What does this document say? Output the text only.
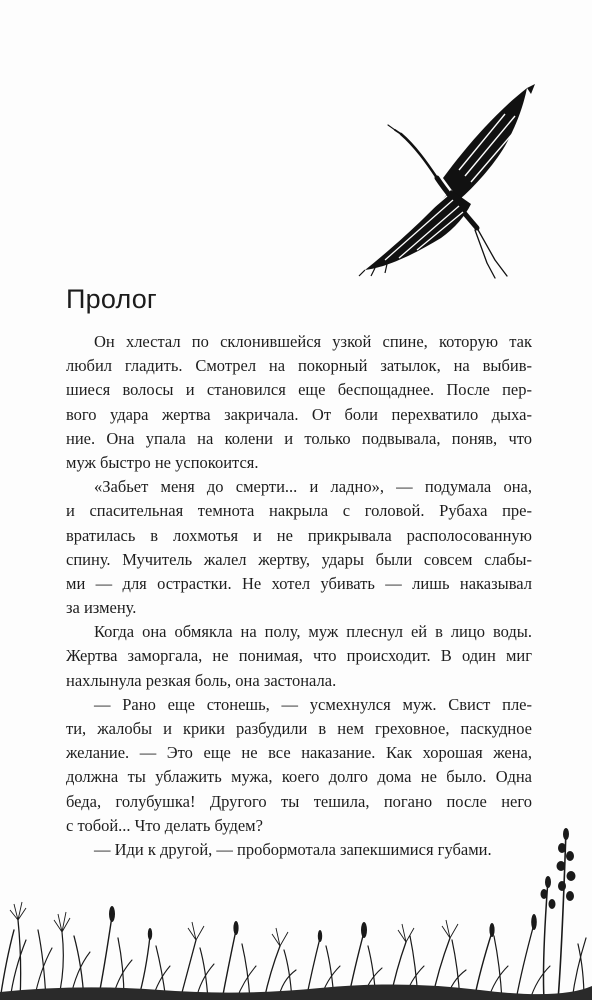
Пролог
Он хлестал по склонившейся узкой спине, которую так
любил гладить. Смотрел на покорный затылок, на выбив-
шиеся волосы и становился еще беспощаднее. После пер-
вого удара жертва закричала. От боли перехватило дыха-
ние. Она упала на колени и только подвывала, поняв, что
муж быстро не успокоится.
«Забьет меня до смерти... и ладно», — подумала она,
и спасительная темнота накрыла с головой. Рубаха пре-
вратилась в лохмотья и не прикрывала располосованную
спину. Мучитель жалел жертву, удары были совсем слабы-
ми — для острастки. Не хотел убивать — лишь наказывал
за измену.
Когда она обмякла на полу, муж плеснул ей в лицо воды.
Жертва заморгала, не понимая, что происходит. В один миг
нахлынула резкая боль, она застонала.
— Рано еще стонешь, — усмехнулся муж. Свист пле-
ти, жалобы и крики разбудили в нем греховное, паскудное
желание. — Это еще не все наказание. Как хорошая жена,
должна ты ублажить мужа, коего долго дома не было. Одна
беда, голубушка! Другого ты тешила, погано после него
с тобой... Что делать будем?
— Иди к другой, — пробормотала запекшимися губами.
